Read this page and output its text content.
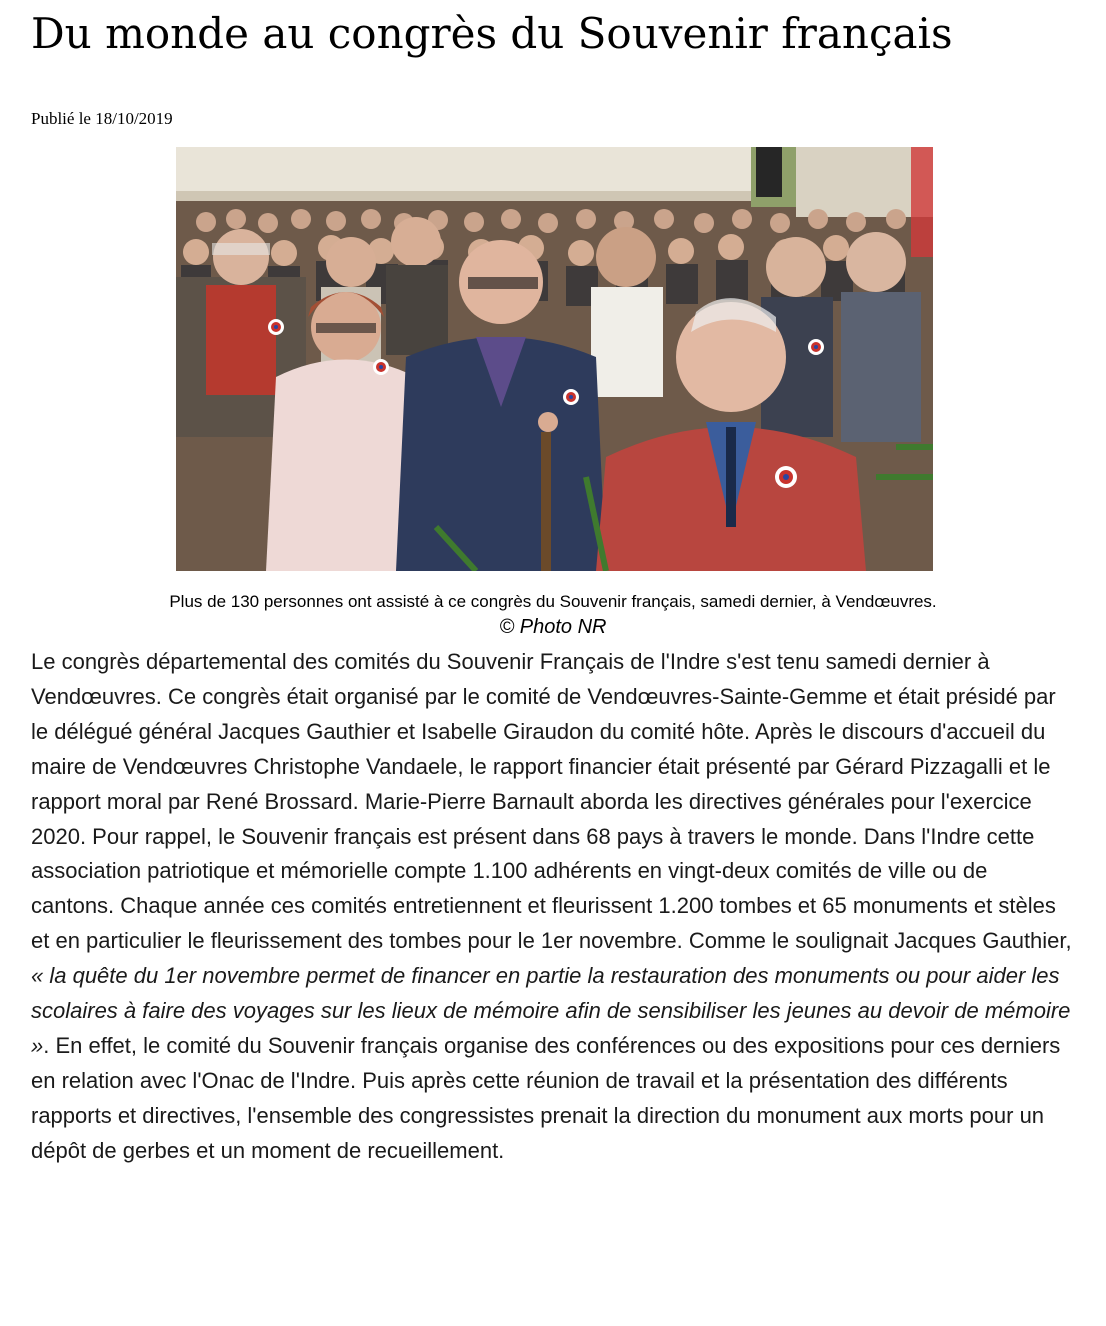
Du monde au congrès du Souvenir français

Publié le 18/10/2019

Plus de 130 personnes ont assisté à ce congrès du Souvenir français, samedi dernier, à Vendœuvres.

© Photo NR

Le congrès départemental des comités du Souvenir Français de l'Indre s'est tenu samedi dernier à Vendœuvres. Ce congrès était organisé par le comité de Vendœuvres-Sainte-Gemme et était présidé par le délégué général Jacques Gauthier et Isabelle Giraudon du comité hôte. Après le discours d'accueil du maire de Vendœuvres Christophe Vandaele, le rapport financier était présenté par Gérard Pizzagalli et le rapport moral par René Brossard. Marie-Pierre Barnault aborda les directives générales pour l'exercice 2020. Pour rappel, le Souvenir français est présent dans 68 pays à travers le monde. Dans l'Indre cette association patriotique et mémorielle compte 1.100 adhérents en vingt-deux comités de ville ou de cantons. Chaque année ces comités entretiennent et fleurissent 1.200 tombes et 65 monuments et stèles et en particulier le fleurissement des tombes pour le 1er novembre. Comme le soulignait Jacques Gauthier, « la quête du 1er novembre permet de financer en partie la restauration des monuments ou pour aider les scolaires à faire des voyages sur les lieux de mémoire afin de sensibiliser les jeunes au devoir de mémoire ». En effet, le comité du Souvenir français organise des conférences ou des expositions pour ces derniers en relation avec l'Onac de l'Indre. Puis après cette réunion de travail et la présentation des différents rapports et directives, l'ensemble des congressistes prenait la direction du monument aux morts pour un dépôt de gerbes et un moment de recueillement.
